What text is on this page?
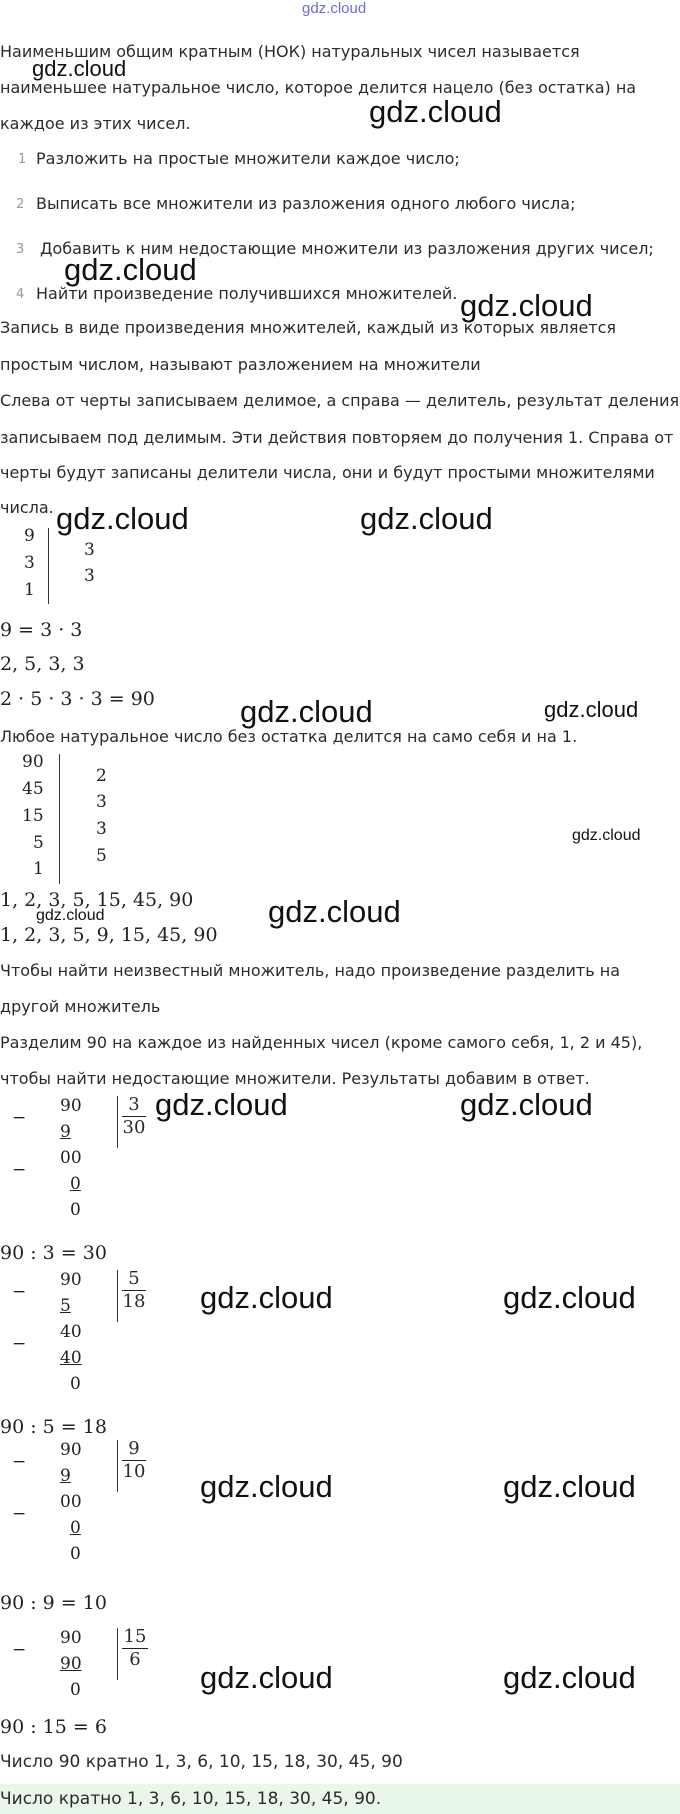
gdz.cloud
Наименьшим общим кратным (НОК) натуральных чисел называется
наименьшее натуральное число, которое делится нацело (без остатка) на
каждое из этих чисел.
1 Разложить на простые множители каждое число;
2 Выписать все множители из разложения одного любого числа;
3 Добавить к ним недостающие множители из разложения других чисел;
4 Найти произведение получившихся множителей.
Запись в виде произведения множителей, каждый из которых является
простым числом, называют разложением на множители
Слева от черты записываем делимое, а справа — делитель, результат деления
записываем под делимым. Эти действия повторяем до получения 1. Справа от
черты будут записаны делители числа, они и будут простыми множителями
числа.
9
3
1
3
3
9 = 3 · 3
2, 5, 3, 3
2 · 5 · 3 · 3 = 90
Любое натуральное число без остатка делится на само себя и на 1.
90
45
15
5
1
2
3
3
5
1, 2, 3, 5, 15, 45, 90
1, 2, 3, 5, 9, 15, 45, 90
Чтобы найти неизвестный множитель, надо произведение разделить на
другой множитель
Разделим 90 на каждое из найденных чисел (кроме самого себя, 1, 2 и 45),
чтобы найти недостающие множители. Результаты добавим в ответ.
−
90
9
−
00
0
0
$\frac{3}{30}$
90 : 3 = 30
−
90
5
−
40
40
0
$\frac{5}{18}$
90 : 5 = 18
−
90
9
−
00
0
0
$\frac{9}{10}$
90 : 9 = 10
−
90
90
0
$\frac{15}{6}$
90 : 15 = 6
Число 90 кратно 1, 3, 6, 10, 15, 18, 30, 45, 90
Число кратно 1, 3, 6, 10, 15, 18, 30, 45, 90.
gdz.cloud
gdz.cloud
gdz.cloud
gdz.cloud
gdz.cloud	gdz.cloud
gdz.cloud	gdz.cloud
gdz.cloud
gdz.cloud
gdz.cloud
gdz.cloud	gdz.cloud
gdz.cloud	gdz.cloud
gdz.cloud	gdz.cloud
gdz.cloud	gdz.cloud
